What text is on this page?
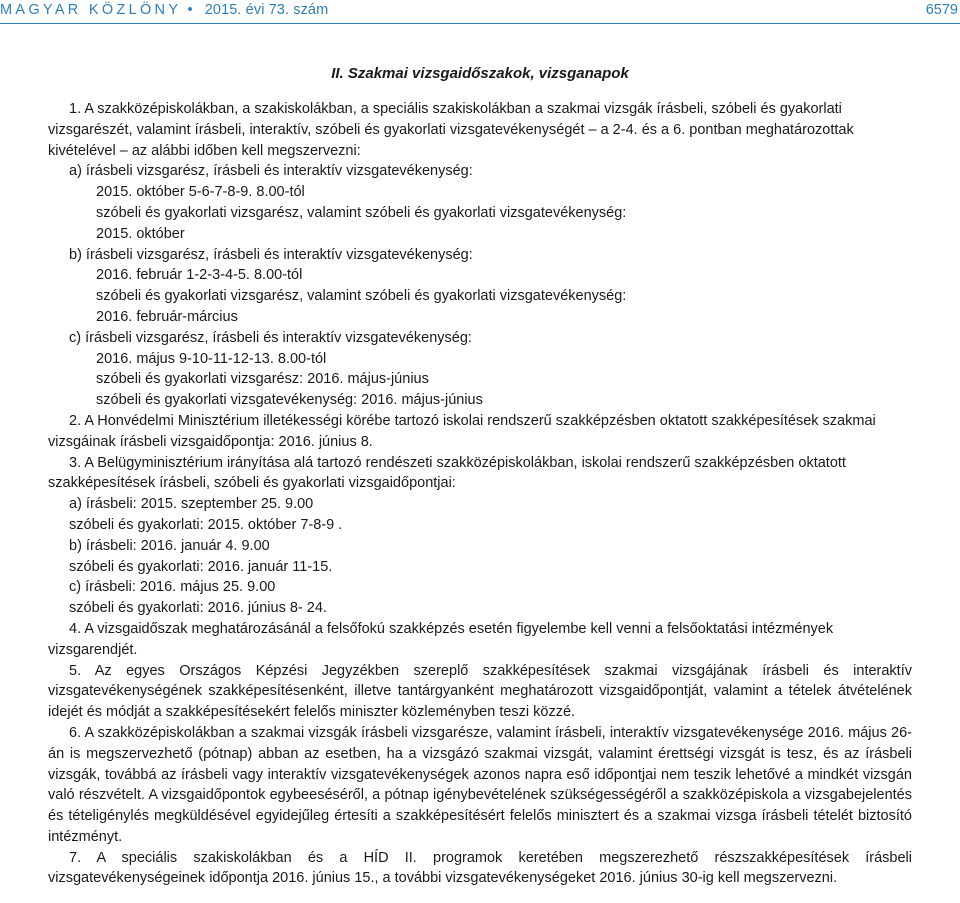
MAGYAR KÖZLÖNY • 2015. évi 73. szám	6579
II. Szakmai vizsgaidőszakok, vizsganapok

1. A szakközépiskolákban, a szakiskolákban, a speciális szakiskolákban a szakmai vizsgák írásbeli, szóbeli és gyakorlati vizsgarészét, valamint írásbeli, interaktív, szóbeli és gyakorlati vizsgatevékenységét – a 2-4. és a 6. pontban meghatározottak kivételével – az alábbi időben kell megszervezni:

a) írásbeli vizsgarész, írásbeli és interaktív vizsgatevékenység:

2015. október 5-6-7-8-9. 8.00-tól

szóbeli és gyakorlati vizsgarész, valamint szóbeli és gyakorlati vizsgatevékenység:

2015. október

b) írásbeli vizsgarész, írásbeli és interaktív vizsgatevékenység:

2016. február 1-2-3-4-5. 8.00-tól

szóbeli és gyakorlati vizsgarész, valamint szóbeli és gyakorlati vizsgatevékenység:

2016. február-március

c) írásbeli vizsgarész, írásbeli és interaktív vizsgatevékenység:

2016. május 9-10-11-12-13. 8.00-tól

szóbeli és gyakorlati vizsgarész: 2016. május-június

szóbeli és gyakorlati vizsgatevékenység: 2016. május-június

2. A Honvédelmi Minisztérium illetékességi körébe tartozó iskolai rendszerű szakképzésben oktatott szakképesítések szakmai vizsgáinak írásbeli vizsgaidőpontja: 2016. június 8.

3. A Belügyminisztérium irányítása alá tartozó rendészeti szakközépiskolákban, iskolai rendszerű szakképzésben oktatott szakképesítések írásbeli, szóbeli és gyakorlati vizsgaidőpontjai:

a) írásbeli: 2015. szeptember 25. 9.00

szóbeli és gyakorlati: 2015. október 7-8-9 .

b) írásbeli: 2016. január 4. 9.00

szóbeli és gyakorlati: 2016. január 11-15.

c) írásbeli: 2016. május 25. 9.00

szóbeli és gyakorlati: 2016. június 8- 24.

4. A vizsgaidőszak meghatározásánál a felsőfokú szakképzés esetén figyelembe kell venni a felsőoktatási intézmények vizsgarendjét.

5. Az egyes Országos Képzési Jegyzékben szereplő szakképesítések szakmai vizsgájának írásbeli és interaktív vizsgatevékenységének szakképesítésenként, illetve tantárgyanként meghatározott vizsgaidőpontját, valamint a tételek átvételének idejét és módját a szakképesítésekért felelős miniszter közleményben teszi közzé.

6. A szakközépiskolákban a szakmai vizsgák írásbeli vizsgarésze, valamint írásbeli, interaktív vizsgatevékenysége 2016. május 26-án is megszervezhető (pótnap) abban az esetben, ha a vizsgázó szakmai vizsgát, valamint érettségi vizsgát is tesz, és az írásbeli vizsgák, továbbá az írásbeli vagy interaktív vizsgatevékenységek azonos napra eső időpontjai nem teszik lehetővé a mindkét vizsgán való részvételt. A vizsgaidőpontok egybeeséséről, a pótnap igénybevételének szükségességéről a szakközépiskola a vizsgabejelentés és tételigénylés megküldésével egyidejűleg értesíti a szakképesítésért felelős minisztert és a szakmai vizsga írásbeli tételét biztosító intézményt.

7. A speciális szakiskolákban és a HÍD II. programok keretében megszerezhető részszakképesítések írásbeli vizsgatevékenységeinek időpontja 2016. június 15., a további vizsgatevékenységeket 2016. június 30-ig kell megszervezni.
